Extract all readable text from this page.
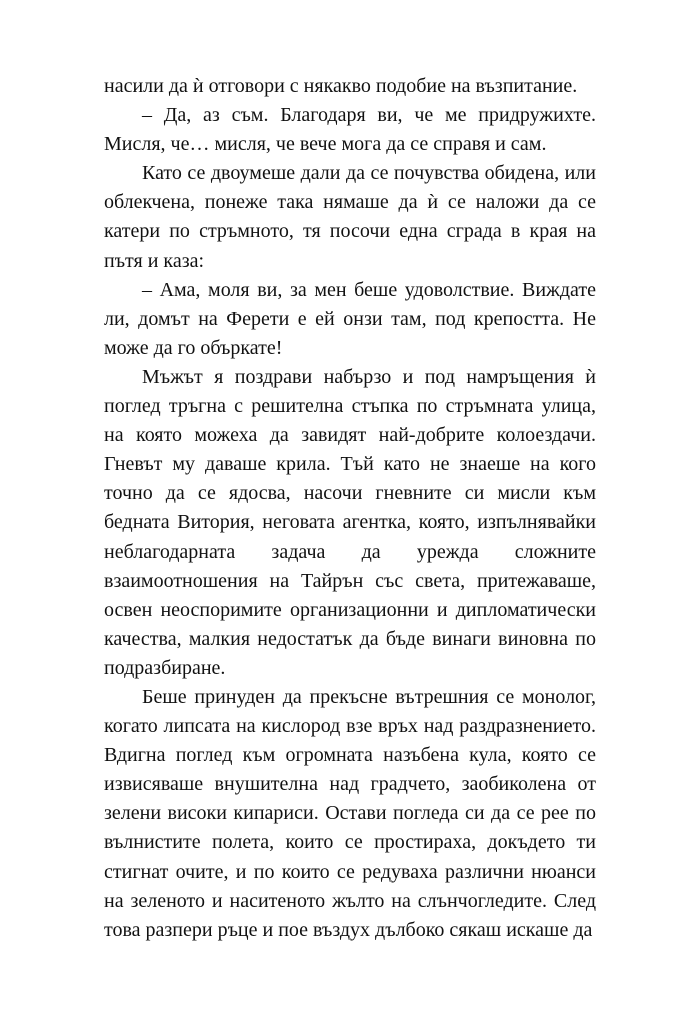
насили да ѝ отговори с някакво подобие на възпитание.

– Да, аз съм. Благодаря ви, че ме придружихте. Мисля, че… мисля, че вече мога да се справя и сам.

Като се двоумеше дали да се почувства обидена, или облекчена, понеже така нямаше да ѝ се наложи да се катери по стръмното, тя посочи една сграда в края на пътя и каза:

– Ама, моля ви, за мен беше удоволствие. Виждате ли, домът на Ферети е ей онзи там, под крепостта. Не може да го объркате!

Мъжът я поздрави набързо и под намръщения ѝ поглед тръгна с решителна стъпка по стръмната улица, на която можеха да завидят най-добрите колоездачи. Гневът му даваше крила. Тъй като не знаеше на кого точно да се ядосва, насочи гневните си мисли към бедната Витория, неговата агентка, която, изпълнявайки неблагодарната задача да урежда сложните взаимоотношения на Тайрън със света, притежаваше, освен неоспоримите организационни и дипломатически качества, малкия недостатък да бъде винаги виновна по подразбиране.

Беше принуден да прекъсне вътрешния се монолог, когато липсата на кислород взе връх над раздразнението. Вдигна поглед към огромната назъбена кула, която се извисяваше внушителна над градчето, заобиколена от зелени високи кипариси. Остави погледа си да се рее по вълнистите полета, които се простираха, докъдето ти стигнат очите, и по които се редуваха различни нюанси на зеленото и наситеното жълто на слънчогледите. След това разпери ръце и пое въздух дълбоко сякаш искаше да
